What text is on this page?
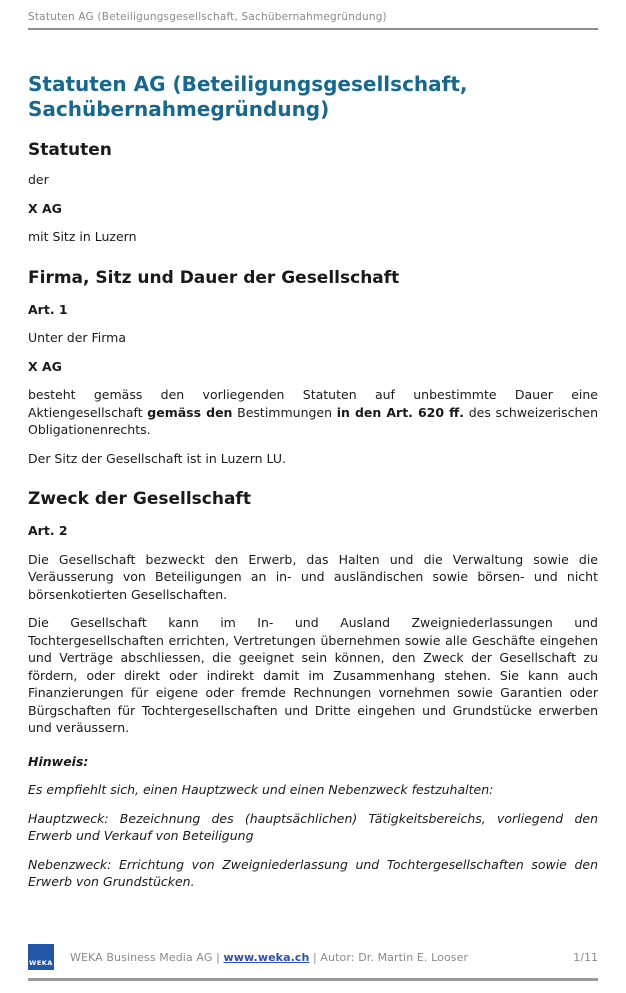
Statuten AG (Beteiligungsgesellschaft, Sachübernahmegründung)
Statuten AG (Beteiligungsgesellschaft, Sachübernahmegründung)
Statuten

der

X AG

mit Sitz in Luzern

Firma, Sitz und Dauer der Gesellschaft

Art. 1

Unter der Firma

X AG

besteht gemäss den vorliegenden Statuten auf unbestimmte Dauer eine Aktiengesellschaft gemäss den Bestimmungen in den Art. 620 ff. des schweizerischen Obligationenrechts.

Der Sitz der Gesellschaft ist in Luzern LU.

Zweck der Gesellschaft

Art. 2

Die Gesellschaft bezweckt den Erwerb, das Halten und die Verwaltung sowie die Veräusserung von Beteiligungen an in- und ausländischen sowie börsen- und nicht börsenkotierten Gesellschaften.

Die Gesellschaft kann im In- und Ausland Zweigniederlassungen und Tochtergesellschaften errichten, Vertretungen übernehmen sowie alle Geschäfte eingehen und Verträge abschliessen, die geeignet sein können, den Zweck der Gesellschaft zu fördern, oder direkt oder indirekt damit im Zusammenhang stehen. Sie kann auch Finanzierungen für eigene oder fremde Rechnungen vornehmen sowie Garantien oder Bürgschaften für Tochtergesellschaften und Dritte eingehen und Grundstücke erwerben und veräussern.

Hinweis:

Es empfiehlt sich, einen Hauptzweck und einen Nebenzweck festzuhalten:

Hauptzweck: Bezeichnung des (hauptsächlichen) Tätigkeitsbereichs, vorliegend den Erwerb und Verkauf von Beteiligung

Nebenzweck: Errichtung von Zweigniederlassung und Tochtergesellschaften sowie den Erwerb von Grundstücken.

WEKA WEKA Business Media AG | www.weka.ch | Autor: Dr. Martin E. Looser	1/11
